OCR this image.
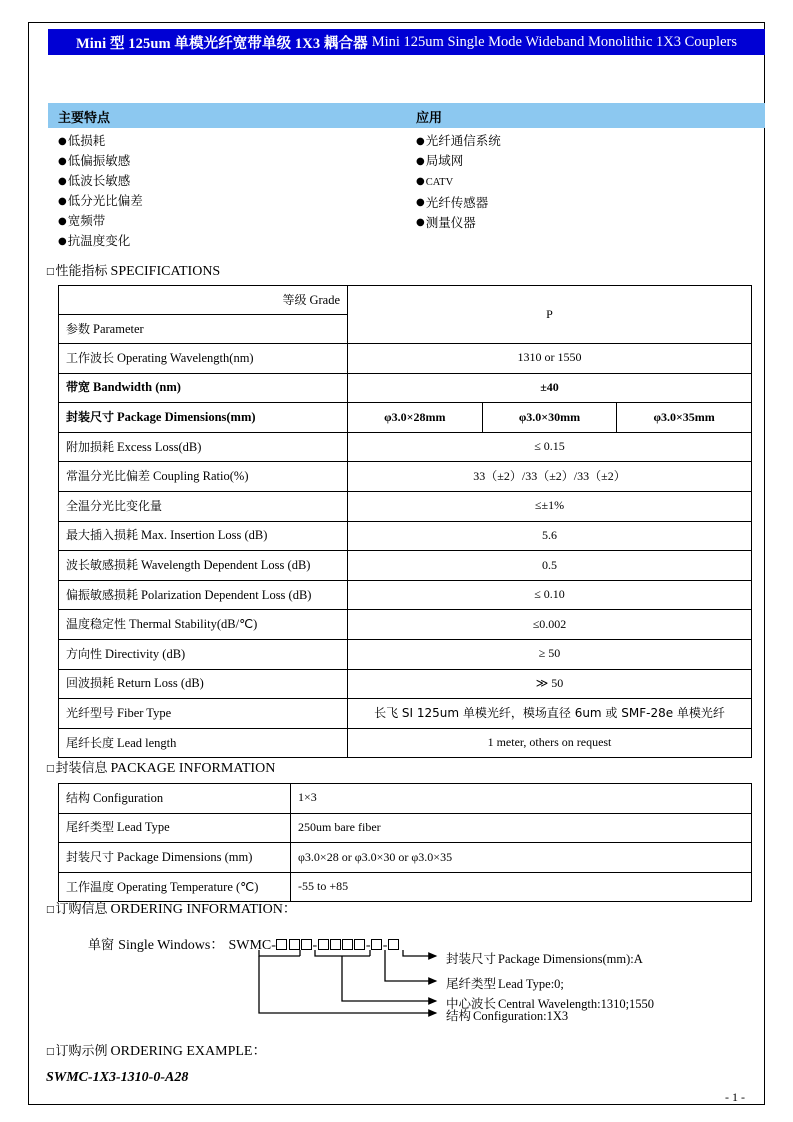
Mini 型 125um 单模光纤宽带单级 1X3 耦合器 Mini 125um Single Mode Wideband Monolithic 1X3 Couplers
主要特点	应用
●低损耗
●低偏振敏感
●低波长敏感
●低分光比偏差
●宽频带
●抗温度变化
●光纤通信系统
●局域网
●CATV
●光纤传感器
●测量仪器
□性能指标 SPECIFICATIONS
等级 Grade	P		
参数 Parameter			
工作波长 Operating Wavelength(nm)	1310 or 1550		
带宽 Bandwidth (nm)	±40		
封装尺寸 Package Dimensions(mm)	φ3.0×28mm	φ3.0×30mm	φ3.0×35mm
附加损耗 Excess Loss(dB)	≤ 0.15		
常温分光比偏差 Coupling Ratio(%)	33（±2）/33（±2）/33（±2）		
全温分光比变化量	≤±1%		
最大插入损耗 Max. Insertion Loss (dB)	5.6		
波长敏感损耗 Wavelength Dependent Loss (dB)	0.5		
偏振敏感损耗 Polarization Dependent Loss (dB)	≤ 0.10		
温度稳定性 Thermal Stability(dB/℃)	≤0.002		
方向性 Directivity (dB)	≥ 50		
回波损耗 Return Loss (dB)	≫ 50		
光纤型号 Fiber Type	长飞 SI 125um 单模光纤，模场直径 6um 或 SMF-28e 单模光纤		
尾纤长度 Lead length	1 meter, others on request		
□封装信息 PACKAGE INFORMATION
结构 Configuration	1×3
尾纤类型 Lead Type	250um bare fiber
封装尺寸 Package Dimensions (mm)	φ3.0×28 or φ3.0×30 or φ3.0×35
工作温度 Operating Temperature (℃)	-55 to +85
□订购信息 ORDERING INFORMATION：
单窗 Single Windows： SWMC-	-	- -
封装尺寸 Package Dimensions(mm):A
尾纤类型 Lead Type:0;
中心波长 Central Wavelength:1310;1550
结构 Configuration:1X3
□订购示例 ORDERING EXAMPLE：
SWMC-1X3-1310-0-A28
- 1 -
